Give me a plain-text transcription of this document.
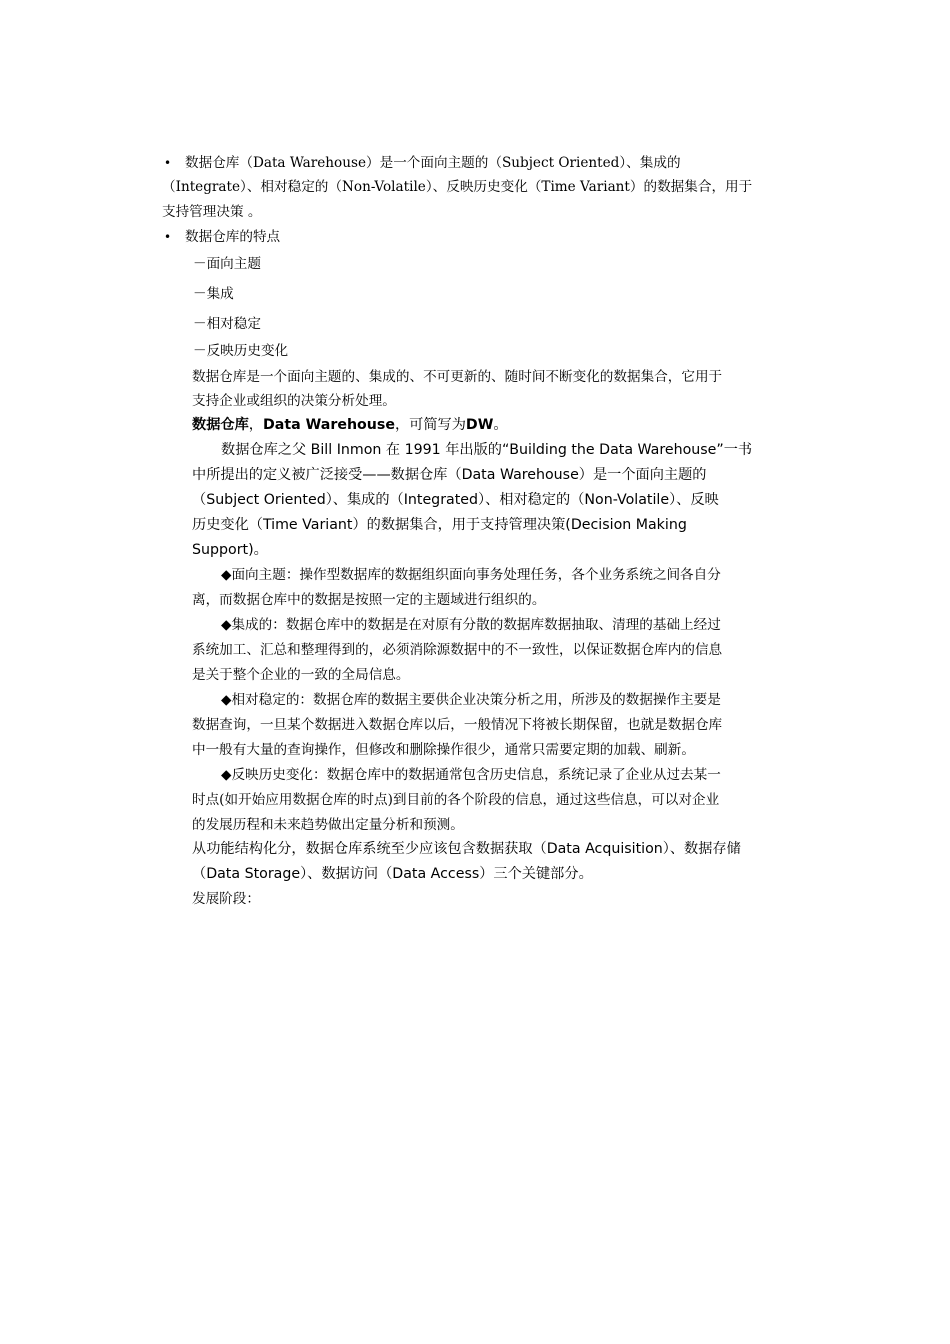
• 数据仓库（Data Warehouse）是一个面向主题的（Subject Oriented）、集成的
（Integrate）、相对稳定的（Non-Volatile）、反映历史变化（Time Variant）的数据集合，用于
支持管理决策 。
• 数据仓库的特点
－面向主题
－集成
－相对稳定
－反映历史变化
数据仓库是一个面向主题的、集成的、不可更新的、随时间不断变化的数据集合，它用于
支持企业或组织的决策分析处理。
数据仓库，Data Warehouse，可简写为DW。
数据仓库之父 Bill Inmon 在 1991 年出版的“Building the Data Warehouse”一书
中所提出的定义被广泛接受——数据仓库（Data Warehouse）是一个面向主题的
（Subject Oriented）、集成的（Integrated）、相对稳定的（Non-Volatile）、反映
历史变化（Time Variant）的数据集合，用于支持管理决策(Decision Making
Support)。
◆面向主题：操作型数据库的数据组织面向事务处理任务，各个业务系统之间各自分
离，而数据仓库中的数据是按照一定的主题域进行组织的。
◆集成的：数据仓库中的数据是在对原有分散的数据库数据抽取、清理的基础上经过
系统加工、汇总和整理得到的，必须消除源数据中的不一致性，以保证数据仓库内的信息
是关于整个企业的一致的全局信息。
◆相对稳定的：数据仓库的数据主要供企业决策分析之用，所涉及的数据操作主要是
数据查询，一旦某个数据进入数据仓库以后，一般情况下将被长期保留，也就是数据仓库
中一般有大量的查询操作，但修改和删除操作很少，通常只需要定期的加载、刷新。
◆反映历史变化：数据仓库中的数据通常包含历史信息，系统记录了企业从过去某一
时点(如开始应用数据仓库的时点)到目前的各个阶段的信息，通过这些信息，可以对企业
的发展历程和未来趋势做出定量分析和预测。
从功能结构化分，数据仓库系统至少应该包含数据获取（Data Acquisition）、数据存储
（Data Storage）、数据访问（Data Access）三个关键部分。
发展阶段：
